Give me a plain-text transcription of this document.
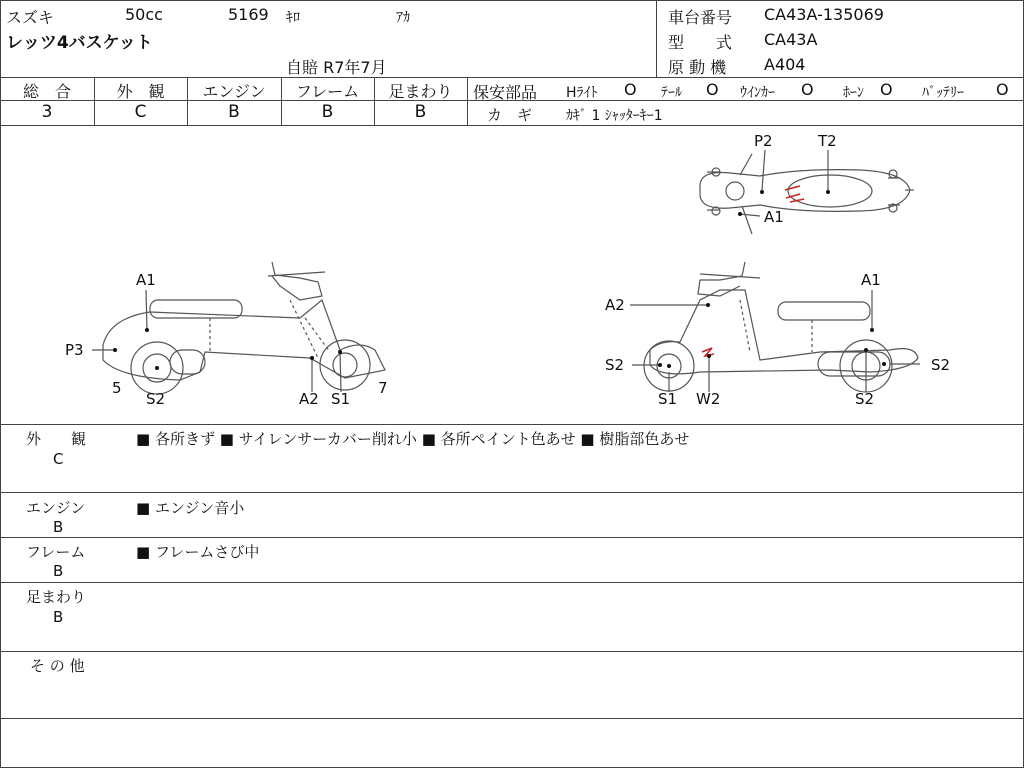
スズキ	50cc	5169 ｷﾛ	ｱｶ
レッツ4バスケット
自賠 R7年7月
車台番号 CA43A-135069
型　　式 CA43A
原 動 機 A404
総　合	外　観	エンジン	フレーム	足まわり
3	C	B	B	B
保安部品 Hﾗｲﾄ O ﾃｰﾙ O ｳｲﾝｶｰ O ﾎｰﾝ O ﾊﾞｯﾃﾘｰ O
カ　ギ ｶｷﾞ 1 ｼｬｯﾀｰｷｰ1
P2	T2
A1
A1
P3
5
S2	A2 S1
7
A2
A1
S2
S1 W2
S2
S2
外　　観
C
■ 各所きず ■ サイレンサーカバー削れ小 ■ 各所ペイント色あせ ■ 樹脂部色あせ
エンジン
B
■ エンジン音小
フレーム
B
■ フレームさび中
足まわり
B
そ の 他
